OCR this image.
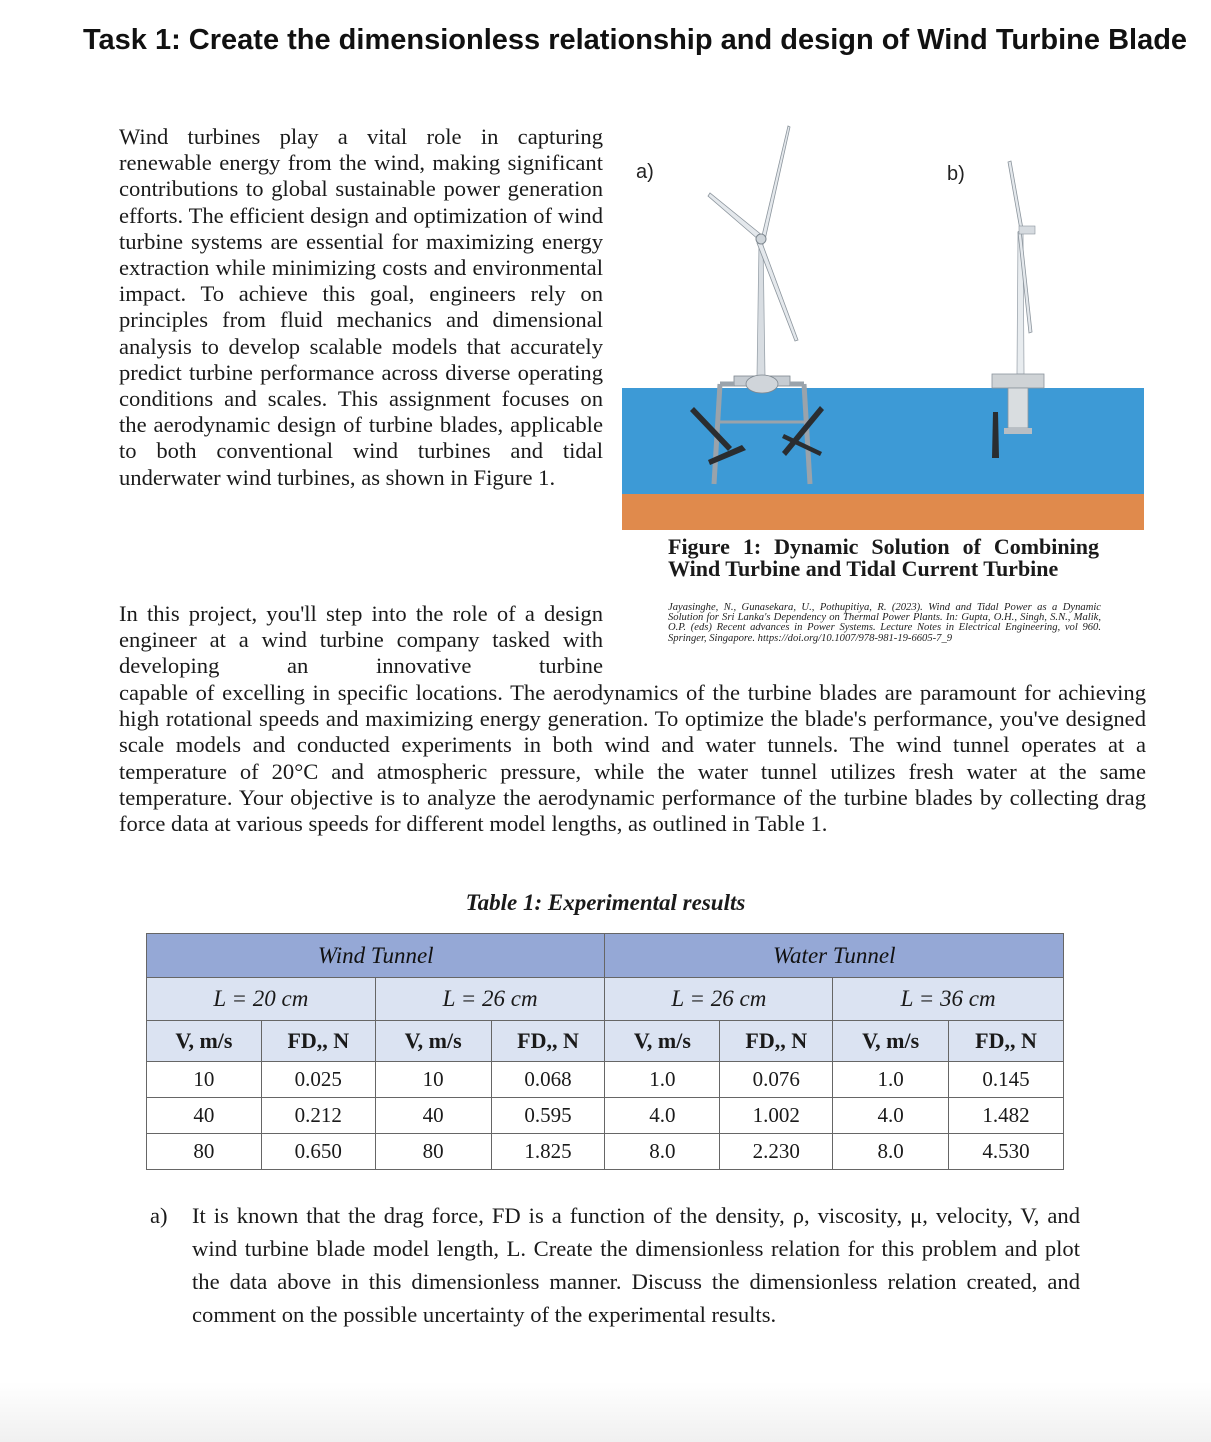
Task 1: Create the dimensionless relationship and design of Wind Turbine Blade

Wind turbines play a vital role in capturing renewable energy from the wind, making significant contributions to global sustainable power generation efforts. The efficient design and optimization of wind turbine systems are essential for maximizing energy extraction while minimizing costs and environmental impact. To achieve this goal, engineers rely on principles from fluid mechanics and dimensional analysis to develop scalable models that accurately predict turbine performance across diverse operating conditions and scales. This assignment focuses on the aerodynamic design of turbine blades, applicable to both conventional wind turbines and tidal underwater wind turbines, as shown in Figure 1.

a)	b)

Figure 1: Dynamic Solution of Combining Wind Turbine and Tidal Current Turbine

Jayasinghe, N., Gunasekara, U., Pothupitiya, R. (2023). Wind and Tidal Power as a Dynamic Solution for Sri Lanka's Dependency on Thermal Power Plants. In: Gupta, O.H., Singh, S.N., Malik, O.P. (eds) Recent advances in Power Systems. Lecture Notes in Electrical Engineering, vol 960. Springer, Singapore. https://doi.org/10.1007/978-981-19-6605-7_9

In this project, you'll step into the role of a design engineer at a wind turbine company tasked with developing an innovative turbine

capable of excelling in specific locations. The aerodynamics of the turbine blades are paramount for achieving high rotational speeds and maximizing energy generation. To optimize the blade's performance, you've designed scale models and conducted experiments in both wind and water tunnels. The wind tunnel operates at a temperature of 20°C and atmospheric pressure, while the water tunnel utilizes fresh water at the same temperature. Your objective is to analyze the aerodynamic performance of the turbine blades by collecting drag force data at various speeds for different model lengths, as outlined in Table 1.

Table 1: Experimental results

Wind Tunnel				Water Tunnel			
L = 20 cm		L = 26 cm		L = 26 cm		L = 36 cm	
V, m/s	FD,, N	V, m/s	FD,, N	V, m/s	FD,, N	V, m/s	FD,, N
10	0.025	10	0.068	1.0	0.076	1.0	0.145
40	0.212	40	0.595	4.0	1.002	4.0	1.482
80	0.650	80	1.825	8.0	2.230	8.0	4.530
a) It is known that the drag force, FD is a function of the density, ρ, viscosity, μ, velocity, V, and wind turbine blade model length, L. Create the dimensionless relation for this problem and plot the data above in this dimensionless manner. Discuss the dimensionless relation created, and comment on the possible uncertainty of the experimental results.
